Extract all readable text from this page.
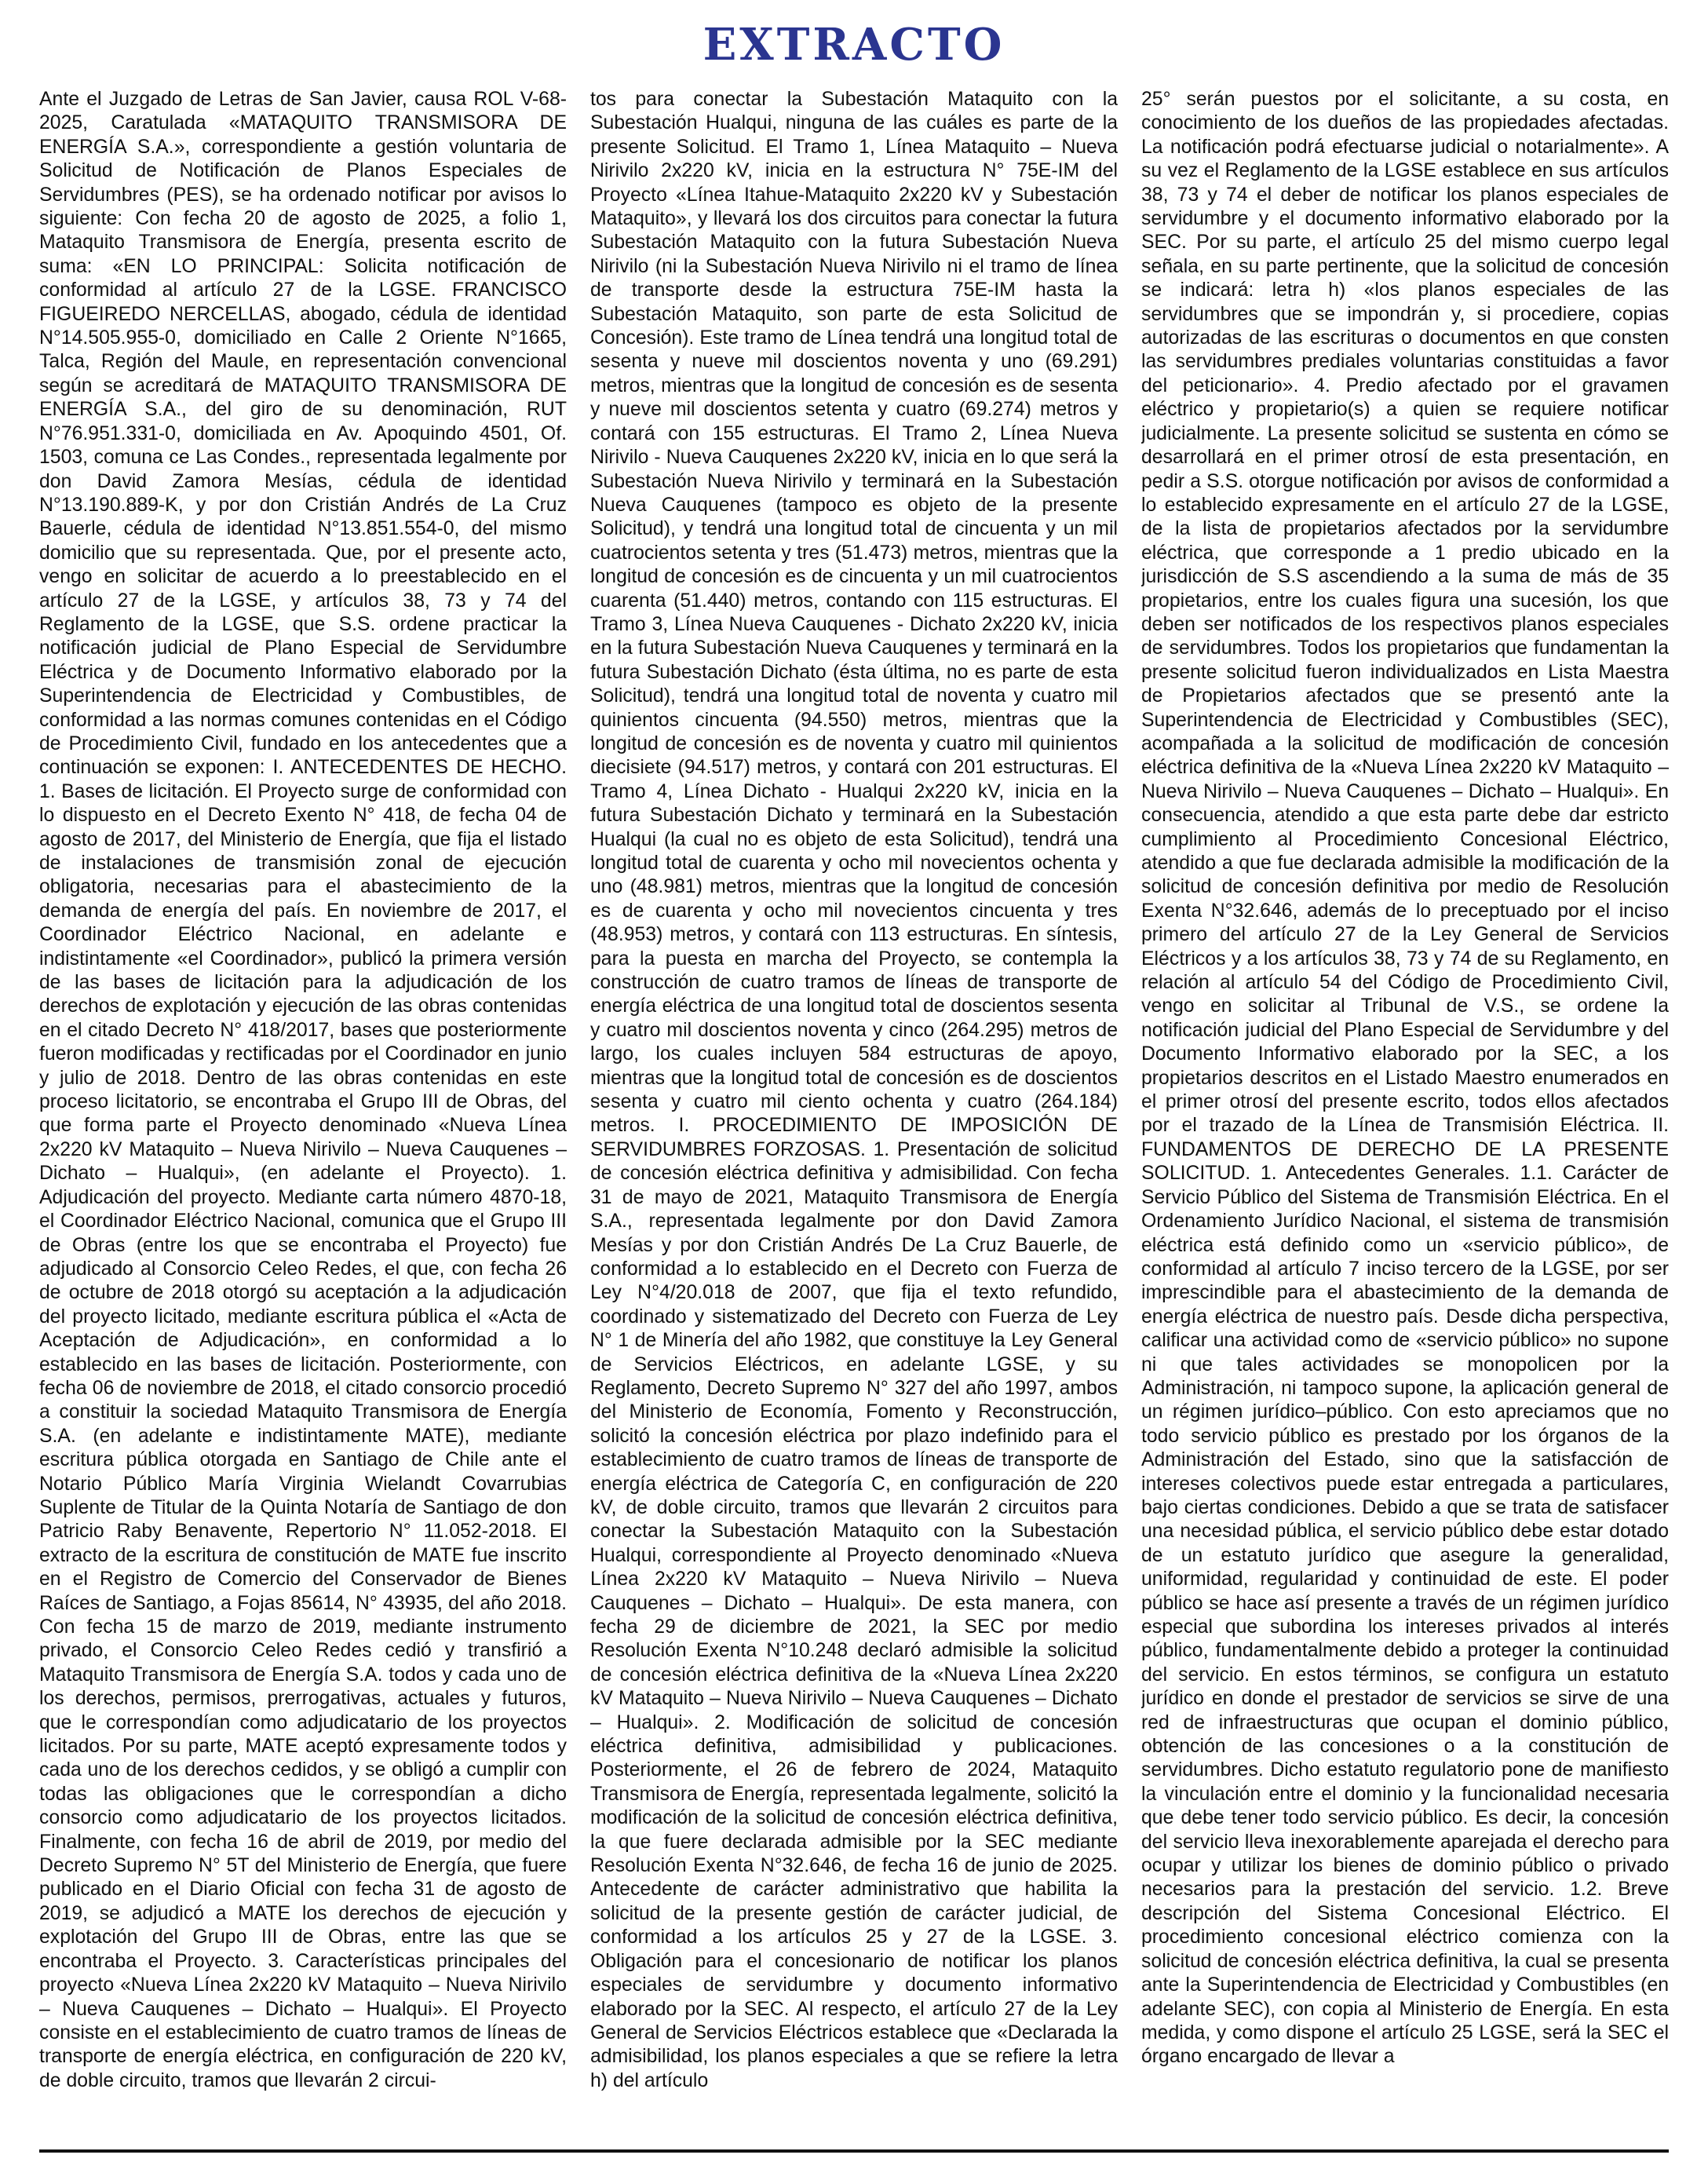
EXTRACTO

Ante el Juzgado de Letras de San Javier, causa ROL V-68-2025, Caratulada «MATAQUITO TRANSMISORA DE ENERGÍA S.A.», correspondiente a gestión voluntaria de Solicitud de Notificación de Planos Especiales de Servidumbres (PES), se ha ordenado notificar por avisos lo siguiente: Con fecha 20 de agosto de 2025, a folio 1, Mataquito Transmisora de Energía, presenta escrito de suma: «EN LO PRINCIPAL: Solicita notificación de conformidad al artículo 27 de la LGSE. FRANCISCO FIGUEIREDO NERCELLAS, abogado, cédula de identidad N°14.505.955-0, domiciliado en Calle 2 Oriente N°1665, Talca, Región del Maule, en representación convencional según se acreditará de MATAQUITO TRANSMISORA DE ENERGÍA S.A., del giro de su denominación, RUT N°76.951.331-0, domiciliada en Av. Apoquindo 4501, Of. 1503, comuna ce Las Condes., representada legalmente por don David Zamora Mesías, cédula de identidad N°13.190.889-K, y por don Cristián Andrés de La Cruz Bauerle, cédula de identidad N°13.851.554-0, del mismo domicilio que su representada. Que, por el presente acto, vengo en solicitar de acuerdo a lo preestablecido en el artículo 27 de la LGSE, y artículos 38, 73 y 74 del Reglamento de la LGSE, que S.S. ordene practicar la notificación judicial de Plano Especial de Servidumbre Eléctrica y de Documento Informativo elaborado por la Superintendencia de Electricidad y Combustibles, de conformidad a las normas comunes contenidas en el Código de Procedimiento Civil, fundado en los antecedentes que a continuación se exponen: I. ANTECEDENTES DE HECHO. 1. Bases de licitación. El Proyecto surge de conformidad con lo dispuesto en el Decreto Exento N° 418, de fecha 04 de agosto de 2017, del Ministerio de Energía, que fija el listado de instalaciones de transmisión zonal de ejecución obligatoria, necesarias para el abastecimiento de la demanda de energía del país. En noviembre de 2017, el Coordinador Eléctrico Nacional, en adelante e indistintamente «el Coordinador», publicó la primera versión de las bases de licitación para la adjudicación de los derechos de explotación y ejecución de las obras contenidas en el citado Decreto N° 418/2017, bases que posteriormente fueron modificadas y rectificadas por el Coordinador en junio y julio de 2018. Dentro de las obras contenidas en este proceso licitatorio, se encontraba el Grupo III de Obras, del que forma parte el Proyecto denominado «Nueva Línea 2x220 kV Mataquito – Nueva Nirivilo – Nueva Cauquenes – Dichato – Hualqui», (en adelante el Proyecto). 1. Adjudicación del proyecto. Mediante carta número 4870-18, el Coordinador Eléctrico Nacional, comunica que el Grupo III de Obras (entre los que se encontraba el Proyecto) fue adjudicado al Consorcio Celeo Redes, el que, con fecha 26 de octubre de 2018 otorgó su aceptación a la adjudicación del proyecto licitado, mediante escritura pública el «Acta de Aceptación de Adjudicación», en conformidad a lo establecido en las bases de licitación. Posteriormente, con fecha 06 de noviembre de 2018, el citado consorcio procedió a constituir la sociedad Mataquito Transmisora de Energía S.A. (en adelante e indistintamente MATE), mediante escritura pública otorgada en Santiago de Chile ante el Notario Público María Virginia Wielandt Covarrubias Suplente de Titular de la Quinta Notaría de Santiago de don Patricio Raby Benavente, Repertorio N° 11.052-2018. El extracto de la escritura de constitución de MATE fue inscrito en el Registro de Comercio del Conservador de Bienes Raíces de Santiago, a Fojas 85614, N° 43935, del año 2018. Con fecha 15 de marzo de 2019, mediante instrumento privado, el Consorcio Celeo Redes cedió y transfirió a Mataquito Transmisora de Energía S.A. todos y cada uno de los derechos, permisos, prerrogativas, actuales y futuros, que le correspondían como adjudicatario de los proyectos licitados. Por su parte, MATE aceptó expresamente todos y cada uno de los derechos cedidos, y se obligó a cumplir con todas las obligaciones que le correspondían a dicho consorcio como adjudicatario de los proyectos licitados. Finalmente, con fecha 16 de abril de 2019, por medio del Decreto Supremo N° 5T del Ministerio de Energía, que fuere publicado en el Diario Oficial con fecha 31 de agosto de 2019, se adjudicó a MATE los derechos de ejecución y explotación del Grupo III de Obras, entre las que se encontraba el Proyecto. 3. Características principales del proyecto «Nueva Línea 2x220 kV Mataquito – Nueva Nirivilo – Nueva Cauquenes – Dichato – Hualqui». El Proyecto consiste en el establecimiento de cuatro tramos de líneas de transporte de energía eléctrica, en configuración de 220 kV, de doble circuito, tramos que llevarán 2 circui-

tos para conectar la Subestación Mataquito con la Subestación Hualqui, ninguna de las cuáles es parte de la presente Solicitud. El Tramo 1, Línea Mataquito – Nueva Nirivilo 2x220 kV, inicia en la estructura N° 75E-IM del Proyecto «Línea Itahue-Mataquito 2x220 kV y Subestación Mataquito», y llevará los dos circuitos para conectar la futura Subestación Mataquito con la futura Subestación Nueva Nirivilo (ni la Subestación Nueva Nirivilo ni el tramo de línea de transporte desde la estructura 75E-IM hasta la Subestación Mataquito, son parte de esta Solicitud de Concesión). Este tramo de Línea tendrá una longitud total de sesenta y nueve mil doscientos noventa y uno (69.291) metros, mientras que la longitud de concesión es de sesenta y nueve mil doscientos setenta y cuatro (69.274) metros y contará con 155 estructuras. El Tramo 2, Línea Nueva Nirivilo - Nueva Cauquenes 2x220 kV, inicia en lo que será la Subestación Nueva Nirivilo y terminará en la Subestación Nueva Cauquenes (tampoco es objeto de la presente Solicitud), y tendrá una longitud total de cincuenta y un mil cuatrocientos setenta y tres (51.473) metros, mientras que la longitud de concesión es de cincuenta y un mil cuatrocientos cuarenta (51.440) metros, contando con 115 estructuras. El Tramo 3, Línea Nueva Cauquenes - Dichato 2x220 kV, inicia en la futura Subestación Nueva Cauquenes y terminará en la futura Subestación Dichato (ésta última, no es parte de esta Solicitud), tendrá una longitud total de noventa y cuatro mil quinientos cincuenta (94.550) metros, mientras que la longitud de concesión es de noventa y cuatro mil quinientos diecisiete (94.517) metros, y contará con 201 estructuras. El Tramo 4, Línea Dichato - Hualqui 2x220 kV, inicia en la futura Subestación Dichato y terminará en la Subestación Hualqui (la cual no es objeto de esta Solicitud), tendrá una longitud total de cuarenta y ocho mil novecientos ochenta y uno (48.981) metros, mientras que la longitud de concesión es de cuarenta y ocho mil novecientos cincuenta y tres (48.953) metros, y contará con 113 estructuras. En síntesis, para la puesta en marcha del Proyecto, se contempla la construcción de cuatro tramos de líneas de transporte de energía eléctrica de una longitud total de doscientos sesenta y cuatro mil doscientos noventa y cinco (264.295) metros de largo, los cuales incluyen 584 estructuras de apoyo, mientras que la longitud total de concesión es de doscientos sesenta y cuatro mil ciento ochenta y cuatro (264.184) metros. I. PROCEDIMIENTO DE IMPOSICIÓN DE SERVIDUMBRES FORZOSAS. 1. Presentación de solicitud de concesión eléctrica definitiva y admisibilidad. Con fecha 31 de mayo de 2021, Mataquito Transmisora de Energía S.A., representada legalmente por don David Zamora Mesías y por don Cristián Andrés De La Cruz Bauerle, de conformidad a lo establecido en el Decreto con Fuerza de Ley N°4/20.018 de 2007, que fija el texto refundido, coordinado y sistematizado del Decreto con Fuerza de Ley N° 1 de Minería del año 1982, que constituye la Ley General de Servicios Eléctricos, en adelante LGSE, y su Reglamento, Decreto Supremo N° 327 del año 1997, ambos del Ministerio de Economía, Fomento y Reconstrucción, solicitó la concesión eléctrica por plazo indefinido para el establecimiento de cuatro tramos de líneas de transporte de energía eléctrica de Categoría C, en configuración de 220 kV, de doble circuito, tramos que llevarán 2 circuitos para conectar la Subestación Mataquito con la Subestación Hualqui, correspondiente al Proyecto denominado «Nueva Línea 2x220 kV Mataquito – Nueva Nirivilo – Nueva Cauquenes – Dichato – Hualqui». De esta manera, con fecha 29 de diciembre de 2021, la SEC por medio Resolución Exenta N°10.248 declaró admisible la solicitud de concesión eléctrica definitiva de la «Nueva Línea 2x220 kV Mataquito – Nueva Nirivilo – Nueva Cauquenes – Dichato – Hualqui». 2. Modificación de solicitud de concesión eléctrica definitiva, admisibilidad y publicaciones. Posteriormente, el 26 de febrero de 2024, Mataquito Transmisora de Energía, representada legalmente, solicitó la modificación de la solicitud de concesión eléctrica definitiva, la que fuere declarada admisible por la SEC mediante Resolución Exenta N°32.646, de fecha 16 de junio de 2025. Antecedente de carácter administrativo que habilita la solicitud de la presente gestión de carácter judicial, de conformidad a los artículos 25 y 27 de la LGSE. 3. Obligación para el concesionario de notificar los planos especiales de servidumbre y documento informativo elaborado por la SEC. Al respecto, el artículo 27 de la Ley General de Servicios Eléctricos establece que «Declarada la admisibilidad, los planos especiales a que se refiere la letra h) del artículo

25° serán puestos por el solicitante, a su costa, en conocimiento de los dueños de las propiedades afectadas. La notificación podrá efectuarse judicial o notarialmente». A su vez el Reglamento de la LGSE establece en sus artículos 38, 73 y 74 el deber de notificar los planos especiales de servidumbre y el documento informativo elaborado por la SEC. Por su parte, el artículo 25 del mismo cuerpo legal señala, en su parte pertinente, que la solicitud de concesión se indicará: letra h) «los planos especiales de las servidumbres que se impondrán y, si procediere, copias autorizadas de las escrituras o documentos en que consten las servidumbres prediales voluntarias constituidas a favor del peticionario». 4. Predio afectado por el gravamen eléctrico y propietario(s) a quien se requiere notificar judicialmente. La presente solicitud se sustenta en cómo se desarrollará en el primer otrosí de esta presentación, en pedir a S.S. otorgue notificación por avisos de conformidad a lo establecido expresamente en el artículo 27 de la LGSE, de la lista de propietarios afectados por la servidumbre eléctrica, que corresponde a 1 predio ubicado en la jurisdicción de S.S ascendiendo a la suma de más de 35 propietarios, entre los cuales figura una sucesión, los que deben ser notificados de los respectivos planos especiales de servidumbres. Todos los propietarios que fundamentan la presente solicitud fueron individualizados en Lista Maestra de Propietarios afectados que se presentó ante la Superintendencia de Electricidad y Combustibles (SEC), acompañada a la solicitud de modificación de concesión eléctrica definitiva de la «Nueva Línea 2x220 kV Mataquito – Nueva Nirivilo – Nueva Cauquenes – Dichato – Hualqui». En consecuencia, atendido a que esta parte debe dar estricto cumplimiento al Procedimiento Concesional Eléctrico, atendido a que fue declarada admisible la modificación de la solicitud de concesión definitiva por medio de Resolución Exenta N°32.646, además de lo preceptuado por el inciso primero del artículo 27 de la Ley General de Servicios Eléctricos y a los artículos 38, 73 y 74 de su Reglamento, en relación al artículo 54 del Código de Procedimiento Civil, vengo en solicitar al Tribunal de V.S., se ordene la notificación judicial del Plano Especial de Servidumbre y del Documento Informativo elaborado por la SEC, a los propietarios descritos en el Listado Maestro enumerados en el primer otrosí del presente escrito, todos ellos afectados por el trazado de la Línea de Transmisión Eléctrica. II. FUNDAMENTOS DE DERECHO DE LA PRESENTE SOLICITUD. 1. Antecedentes Generales. 1.1. Carácter de Servicio Público del Sistema de Transmisión Eléctrica. En el Ordenamiento Jurídico Nacional, el sistema de transmisión eléctrica está definido como un «servicio público», de conformidad al artículo 7 inciso tercero de la LGSE, por ser imprescindible para el abastecimiento de la demanda de energía eléctrica de nuestro país. Desde dicha perspectiva, calificar una actividad como de «servicio público» no supone ni que tales actividades se monopolicen por la Administración, ni tampoco supone, la aplicación general de un régimen jurídico–público. Con esto apreciamos que no todo servicio público es prestado por los órganos de la Administración del Estado, sino que la satisfacción de intereses colectivos puede estar entregada a particulares, bajo ciertas condiciones. Debido a que se trata de satisfacer una necesidad pública, el servicio público debe estar dotado de un estatuto jurídico que asegure la generalidad, uniformidad, regularidad y continuidad de este. El poder público se hace así presente a través de un régimen jurídico especial que subordina los intereses privados al interés público, fundamentalmente debido a proteger la continuidad del servicio. En estos términos, se configura un estatuto jurídico en donde el prestador de servicios se sirve de una red de infraestructuras que ocupan el dominio público, obtención de las concesiones o a la constitución de servidumbres. Dicho estatuto regulatorio pone de manifiesto la vinculación entre el dominio y la funcionalidad necesaria que debe tener todo servicio público. Es decir, la concesión del servicio lleva inexorablemente aparejada el derecho para ocupar y utilizar los bienes de dominio público o privado necesarios para la prestación del servicio. 1.2. Breve descripción del Sistema Concesional Eléctrico. El procedimiento concesional eléctrico comienza con la solicitud de concesión eléctrica definitiva, la cual se presenta ante la Superintendencia de Electricidad y Combustibles (en adelante SEC), con copia al Ministerio de Energía. En esta medida, y como dispone el artículo 25 LGSE, será la SEC el órgano encargado de llevar a
